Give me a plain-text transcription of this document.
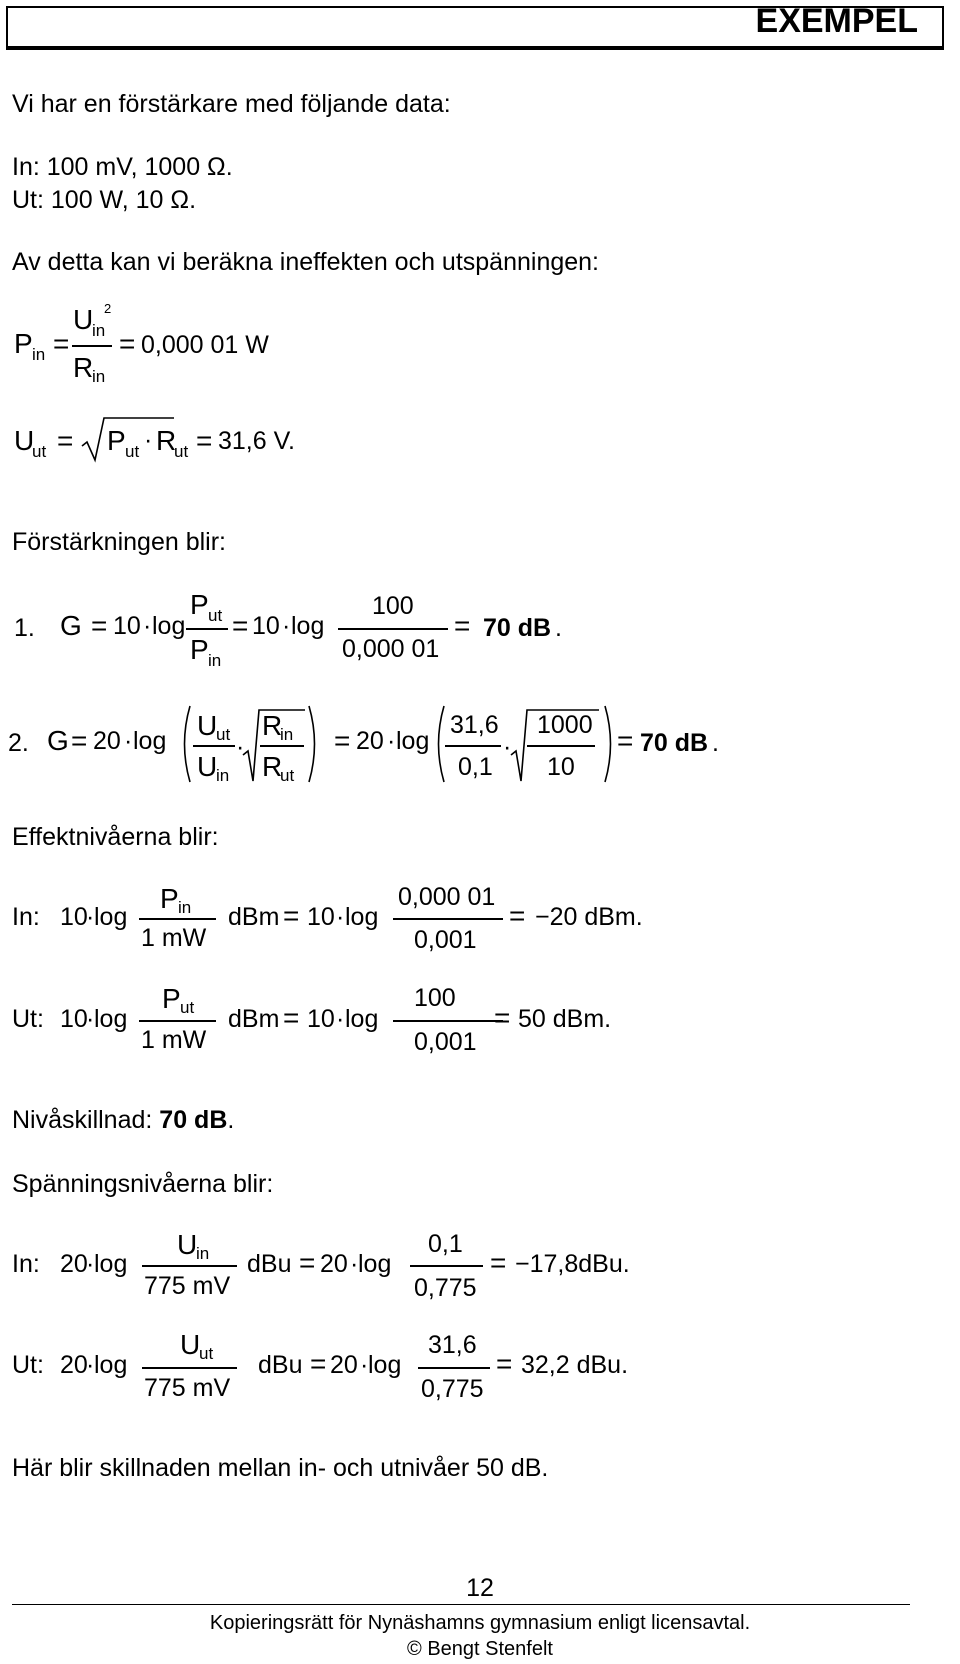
EXEMPEL
Vi har en förstärkare med följande data:
In: 100 mV, 1000 Ω.
Ut: 100 W, 10 Ω.
Av detta kan vi beräkna ineffekten och utspänningen:
P in =
U
in
2
R
in
= 0,000 01 W
U
ut = P ut · R
ut = 31,6 V.
Förstärkningen blir:
1. G = 10 · log
P ut
P in
= 10 · log
100
0,000 01
= 70 dB .
2. G = 20 · log U
ut
U
in
·
R
in
R
ut
= 20 · log
31,6
0,1
·
1000
10
= 70 dB .
Effektnivåerna blir:
In: 10
· log
P in
1 mW
dBm = 10 · log
0,000 01
0,001
= −20 dBm.
Ut: 10
· log
P ut
1 mW
dBm = 10 · log
100
0,001
= 50 dBm.
Nivåskillnad: 70 dB.
Spänningsnivåerna blir:
In: 20
· log
U
in
775 mV
dBu = 20 · log
0,1
0,775
= −17,8dBu.
Ut: 20
· log
U
ut
775 mV
dBu = 20 · log
31,6
0,775
= 32,2 dBu.
Här blir skillnaden mellan in- och utnivåer 50 dB.
12
Kopieringsrätt för Nynäshamns gymnasium enligt licensavtal.
© Bengt Stenfelt
